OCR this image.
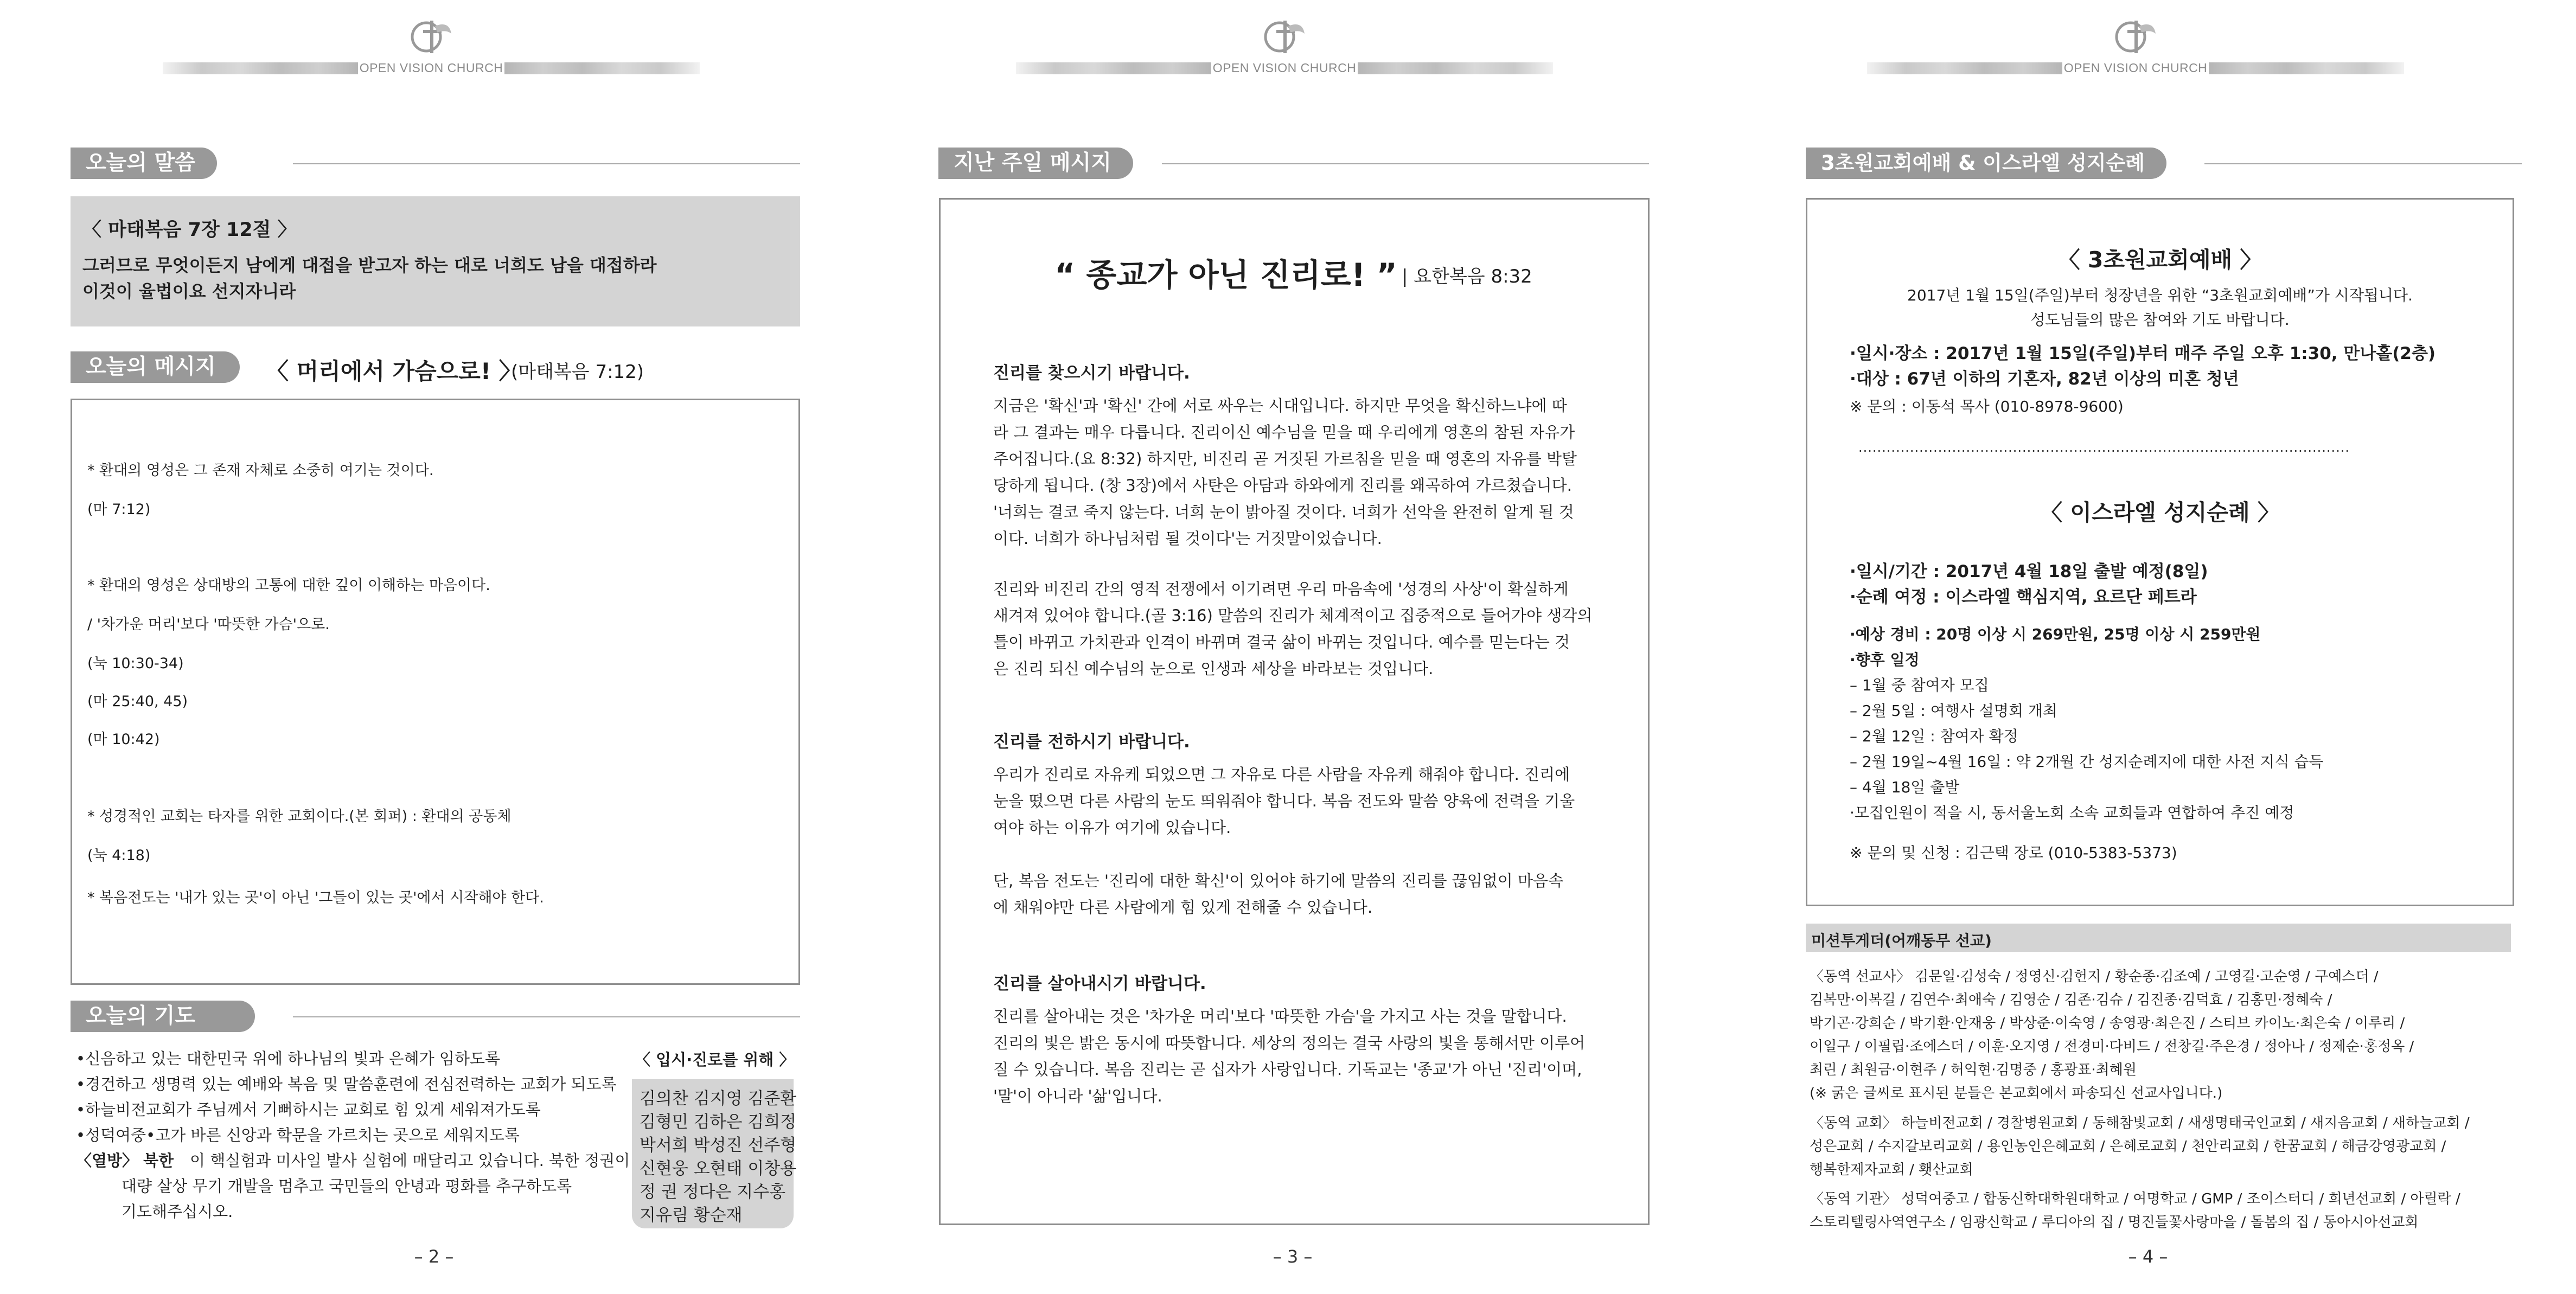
OPEN VISION CHURCH
오늘의 말씀
〈 마태복음 7장 12절 〉
그러므로 무엇이든지 남에게 대접을 받고자 하는 대로 너희도 남을 대접하라
이것이 율법이요 선지자니라
오늘의 메시지	〈 머리에서 가슴으로! 〉
(마태복음 7:12)
* 환대의 영성은 그 존재 자체로 소중히 여기는 것이다.
(마 7:12)
* 환대의 영성은 상대방의 고통에 대한 깊이 이해하는 마음이다.
/ '차가운 머리'보다 '따뜻한 가슴'으로.
(눅 10:30-34)
(마 25:40, 45)
(마 10:42)
* 성경적인 교회는 타자를 위한 교회이다.(본 회퍼) : 환대의 공동체
(눅 4:18)
* 복음전도는 '내가 있는 곳'이 아닌 '그들이 있는 곳'에서 시작해야 한다.
오늘의 기도
•신음하고 있는 대한민국 위에 하나님의 빛과 은혜가 임하도록
•경건하고 생명력 있는 예배와 복음 및 말씀훈련에 전심전력하는 교회가 되도록
•하늘비전교회가 주님께서 기뻐하시는 교회로 힘 있게 세워져가도록
•성덕여중•고가 바른 신앙과 학문을 가르치는 곳으로 세워지도록
〈열방〉 북한 이 핵실험과 미사일 발사 실험에 매달리고 있습니다. 북한 정권이
대량 살상 무기 개발을 멈추고 국민들의 안녕과 평화를 추구하도록
기도해주십시오.
〈 입시·진로를 위해 〉
김의찬 김지영 김준환
김형민 김하은 김희정
박서희 박성진 선주형
신현웅 오현태 이창용
정 권 정다은 지수홍
지유림 황순재
– 2 –
OPEN VISION CHURCH
지난 주일 메시지
“ 종교가 아닌 진리로! ” | 요한복음 8:32
진리를 찾으시기 바랍니다.
지금은 '확신'과 '확신' 간에 서로 싸우는 시대입니다. 하지만 무엇을 확신하느냐에 따
라 그 결과는 매우 다릅니다. 진리이신 예수님을 믿을 때 우리에게 영혼의 참된 자유가
주어집니다.(요 8:32) 하지만, 비진리 곧 거짓된 가르침을 믿을 때 영혼의 자유를 박탈
당하게 됩니다. (창 3장)에서 사탄은 아담과 하와에게 진리를 왜곡하여 가르쳤습니다.
'너희는 결코 죽지 않는다. 너희 눈이 밝아질 것이다. 너희가 선악을 완전히 알게 될 것
이다. 너희가 하나님처럼 될 것이다'는 거짓말이었습니다.
진리와 비진리 간의 영적 전쟁에서 이기려면 우리 마음속에 '성경의 사상'이 확실하게
새겨져 있어야 합니다.(골 3:16) 말씀의 진리가 체계적이고 집중적으로 들어가야 생각의
틀이 바뀌고 가치관과 인격이 바뀌며 결국 삶이 바뀌는 것입니다. 예수를 믿는다는 것
은 진리 되신 예수님의 눈으로 인생과 세상을 바라보는 것입니다.
진리를 전하시기 바랍니다.
우리가 진리로 자유케 되었으면 그 자유로 다른 사람을 자유케 해줘야 합니다. 진리에
눈을 떴으면 다른 사람의 눈도 띄워줘야 합니다. 복음 전도와 말씀 양육에 전력을 기울
여야 하는 이유가 여기에 있습니다.
단, 복음 전도는 '진리에 대한 확신'이 있어야 하기에 말씀의 진리를 끊임없이 마음속
에 채워야만 다른 사람에게 힘 있게 전해줄 수 있습니다.
진리를 살아내시기 바랍니다.
진리를 살아내는 것은 '차가운 머리'보다 '따뜻한 가슴'을 가지고 사는 것을 말합니다.
진리의 빛은 밝은 동시에 따뜻합니다. 세상의 정의는 결국 사랑의 빛을 통해서만 이루어
질 수 있습니다. 복음 진리는 곧 십자가 사랑입니다. 기독교는 '종교'가 아닌 '진리'이며,
'말'이 아니라 '삶'입니다.
– 3 –
OPEN VISION CHURCH
3초원교회예배 & 이스라엘 성지순례
〈 3초원교회예배 〉
2017년 1월 15일(주일)부터 청장년을 위한 “3초원교회예배”가 시작됩니다.
성도님들의 많은 참여와 기도 바랍니다.
·일시·장소 : 2017년 1월 15일(주일)부터 매주 주일 오후 1:30, 만나홀(2층)
·대상 : 67년 이하의 기혼자, 82년 이상의 미혼 청년
※ 문의 : 이동석 목사 (010-8978-9600)
·········································································································
〈 이스라엘 성지순례 〉
·일시/기간 : 2017년 4월 18일 출발 예정(8일)
·순례 여정 : 이스라엘 핵심지역, 요르단 페트라
·예상 경비 : 20명 이상 시 269만원, 25명 이상 시 259만원
·향후 일정
– 1월 중 참여자 모집
– 2월 5일 : 여행사 설명회 개최
– 2월 12일 : 참여자 확정
– 2월 19일~4월 16일 : 약 2개월 간 성지순례지에 대한 사전 지식 습득
– 4월 18일 출발
·모집인원이 적을 시, 동서울노회 소속 교회들과 연합하여 추진 예정
※ 문의 및 신청 : 김근택 장로 (010-5383-5373)
미션투게더(어깨동무 선교)
〈동역 선교사〉 김문일·김성숙 / 정영신·김헌지 / 황순종·김조예 / 고영길·고순영 / 구예스더 /
김복만·이복길 / 김연수·최애숙 / 김영순 / 김존·김슈 / 김진종·김덕효 / 김홍민·정혜숙 /
박기곤·강희순 / 박기환·안재웅 / 박상준·이숙영 / 송영광·최은진 / 스티브 카이노·최은숙 / 이루리 /
이일구 / 이필립·조에스더 / 이훈·오지영 / 전경미·다비드 / 전창길·주은경 / 정아나 / 정제순·홍정옥 /
최린 / 최원금·이현주 / 허익현·김명중 / 홍광표·최혜원
(※ 굵은 글씨로 표시된 분들은 본교회에서 파송되신 선교사입니다.)
〈동역 교회〉 하늘비전교회 / 경찰병원교회 / 동해참빛교회 / 새생명태국인교회 / 새지음교회 / 새하늘교회 /
성은교회 / 수지갈보리교회 / 용인농인은혜교회 / 은혜로교회 / 천안리교회 / 한꿈교회 / 해금강영광교회 /
행복한제자교회 / 횃산교회
〈동역 기관〉 성덕여중고 / 합동신학대학원대학교 / 여명학교 / GMP / 조이스터디 / 희년선교회 / 아릴락 /
스토리텔링사역연구소 / 임광신학교 / 루디아의 집 / 명진들꽃사랑마을 / 돌봄의 집 / 동아시아선교회
– 4 –
